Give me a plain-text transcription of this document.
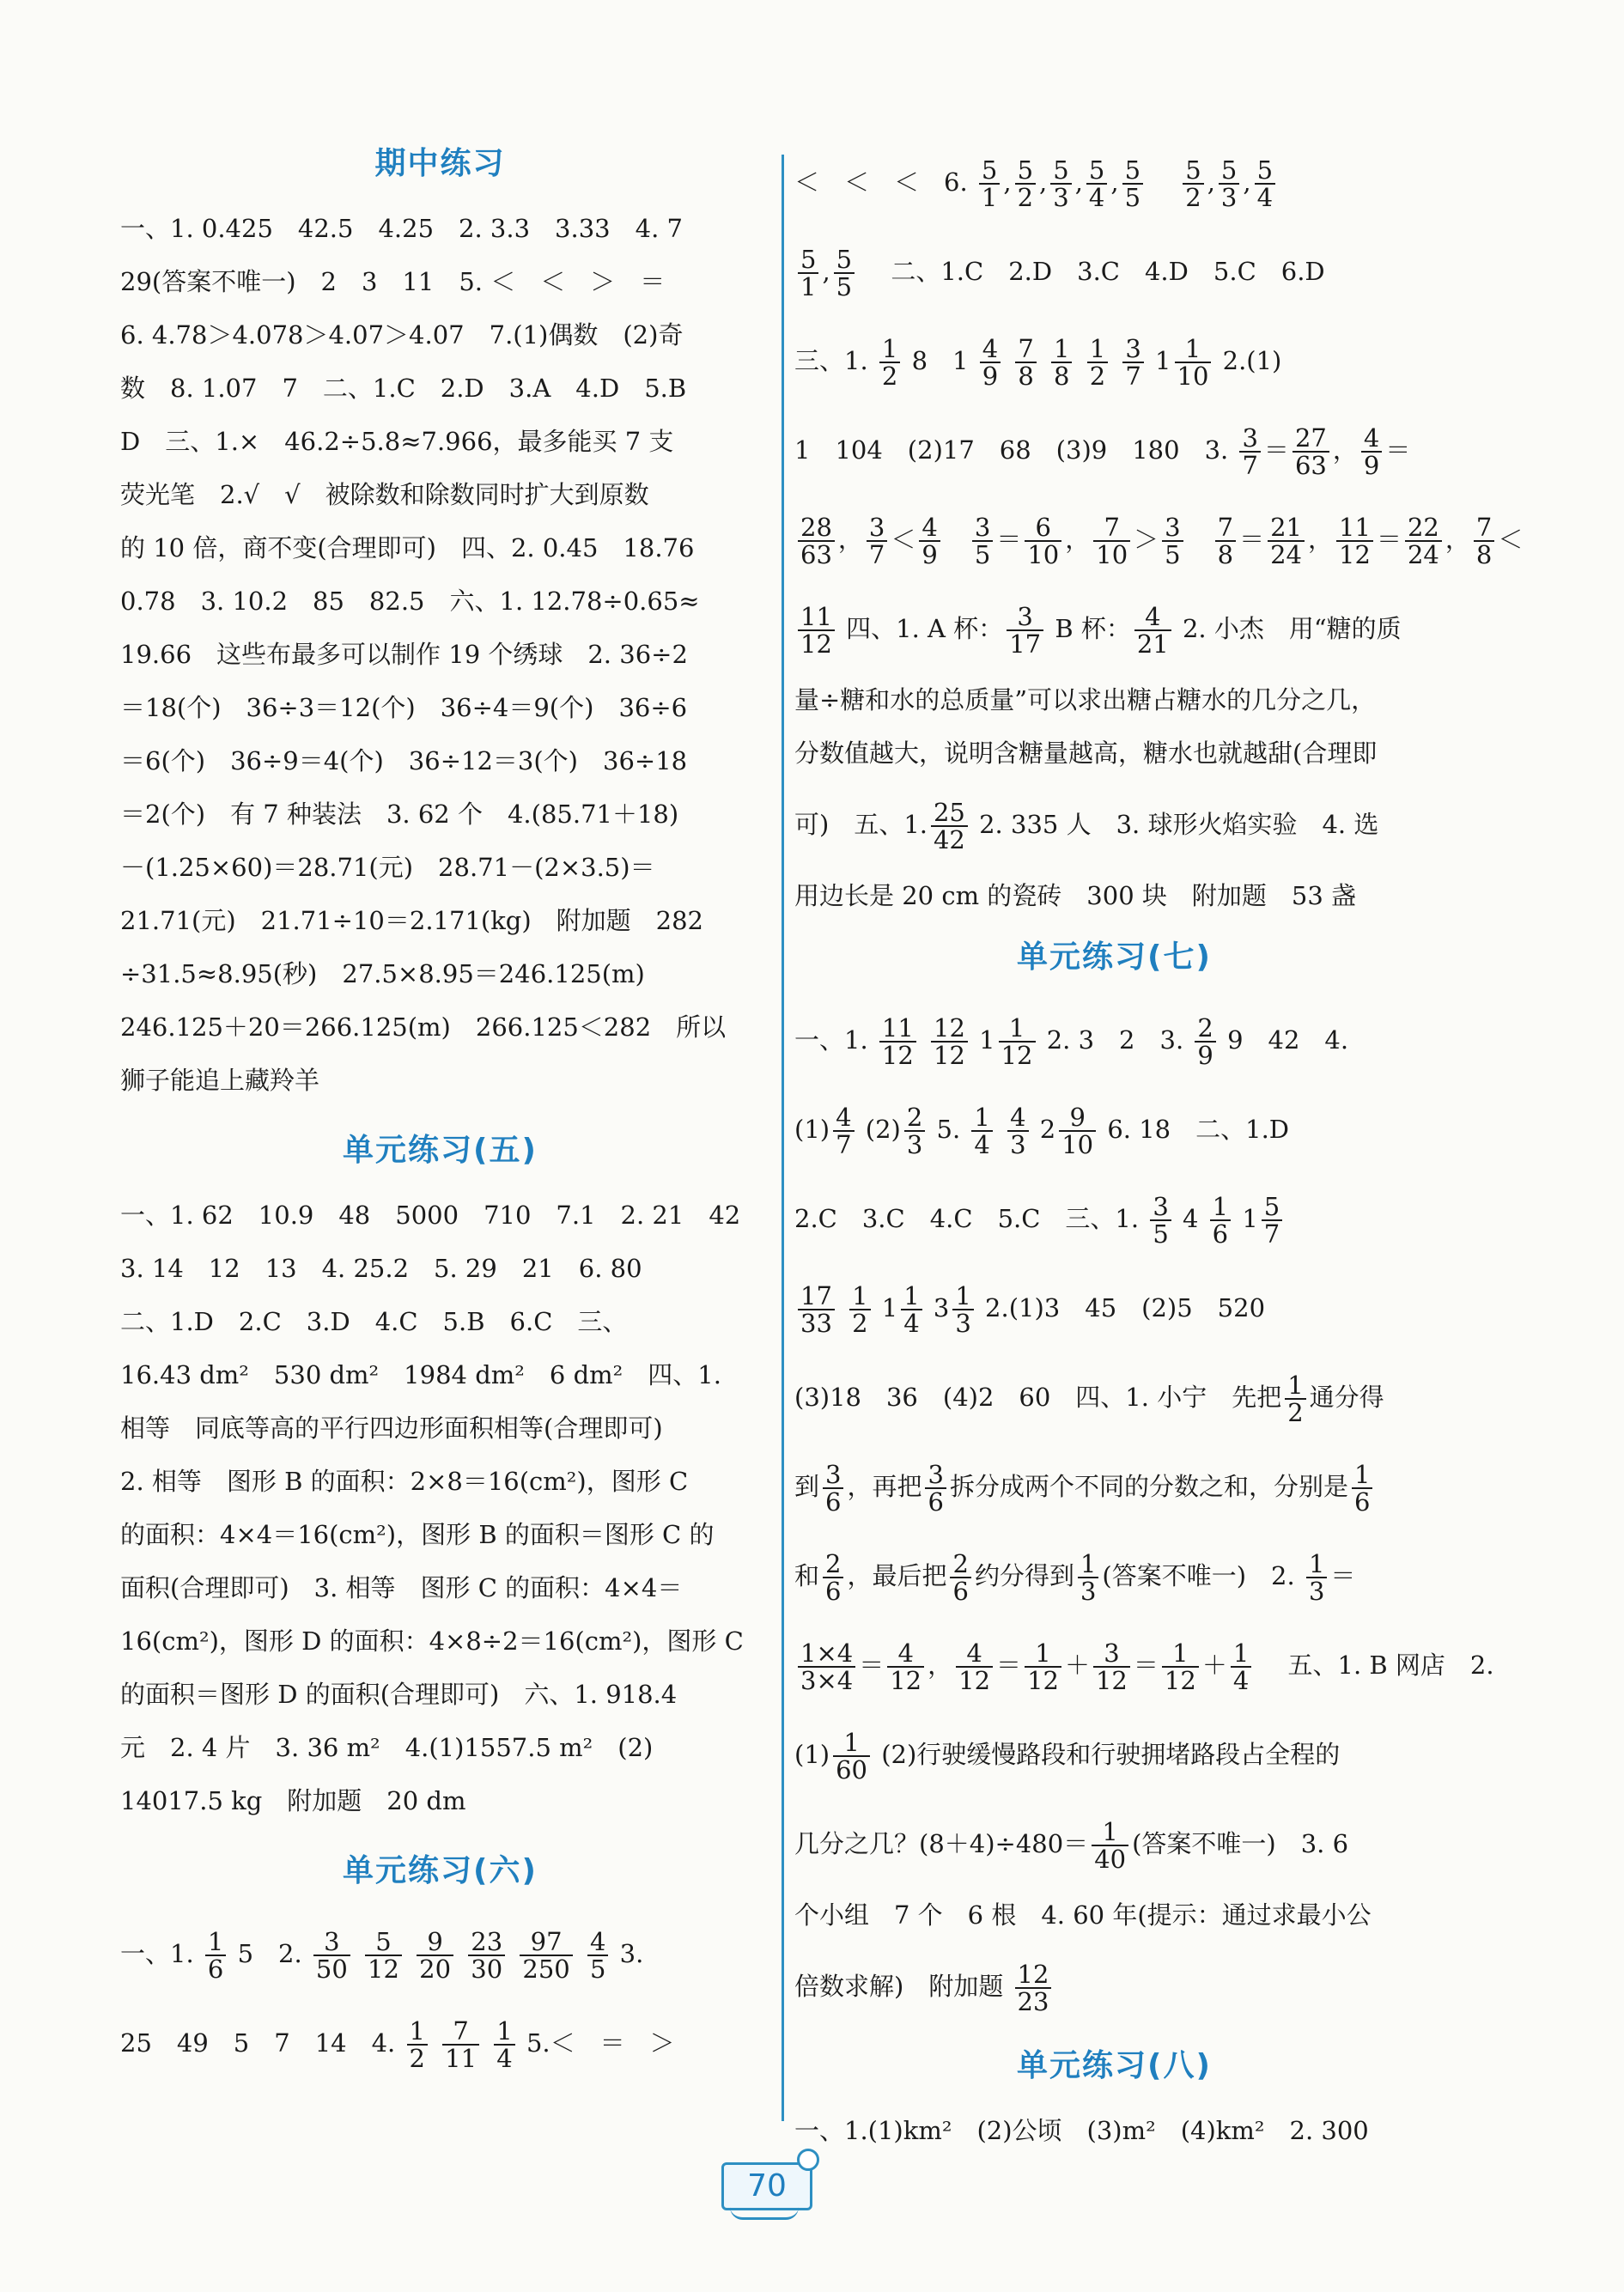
期中练习
一、1. 0.425　42.5　4.25　2. 3.3　3.33　4. 7
29(答案不唯一)　2　3　11　5. ＜　＜　＞　＝
6. 4.78＞4.078＞4.07＞4.07　7.(1)偶数　(2)奇
数　8. 1.07　7　二、1.C　2.D　3.A　4.D　5.B
D　三、1.×　46.2÷5.8≈7.966，最多能买 7 支
荧光笔　2.√　√　被除数和除数同时扩大到原数
的 10 倍，商不变(合理即可)　四、2. 0.45　18.76
0.78　3. 10.2　85　82.5　六、1. 12.78÷0.65≈
19.66　这些布最多可以制作 19 个绣球　2. 36÷2
＝18(个)　36÷3＝12(个)　36÷4＝9(个)　36÷6
＝6(个)　36÷9＝4(个)　36÷12＝3(个)　36÷18
＝2(个)　有 7 种装法　3. 62 个　4.(85.71＋18)
－(1.25×60)＝28.71(元)　28.71－(2×3.5)＝
21.71(元)　21.71÷10＝2.171(kg)　附加题　282
÷31.5≈8.95(秒)　27.5×8.95＝246.125(m)
246.125＋20＝266.125(m)　266.125＜282　所以
狮子能追上藏羚羊
单元练习(五)
一、1. 62　10.9　48　5000　710　7.1　2. 21　42
3. 14　12　13　4. 25.2　5. 29　21　6. 80
二、1.D　2.C　3.D　4.C　5.B　6.C　三、
16.43 dm²　530 dm²　1984 dm²　6 dm²　四、1.
相等　同底等高的平行四边形面积相等(合理即可)
2. 相等　图形 B 的面积：2×8＝16(cm²)，图形 C
的面积：4×4＝16(cm²)，图形 B 的面积＝图形 C 的
面积(合理即可)　3. 相等　图形 C 的面积：4×4＝
16(cm²)，图形 D 的面积：4×8÷2＝16(cm²)，图形 C
的面积＝图形 D 的面积(合理即可)　六、1. 918.4
元　2. 4 片　3. 36 m²　4.(1)1557.5 m²　(2)
14017.5 kg　附加题　20 dm
单元练习(六)
一、1. $\frac{1}{6} 5$　2. $\frac{3}{50}$
$\frac{5}{12}$
$\frac{9}{20}$
$\frac{23}{30}$
$\frac{97}{250}$
$\frac{4}{5} 3$.
25　49　5　7　14　4. $\frac{1}{2}$
$\frac{7}{11}$
$\frac{1}{4} 5.<$　＝　＞
＜　＜　＜　6. $\frac{5}{1}$ , $\frac{5}{2}$ , $\frac{5}{3}$ , $\frac{5}{4}$ , $\frac{5}{5}$
　 $\frac{5}{2}$ , $\frac{5}{3}$ , $\frac{5}{4}$
$\frac{5}{1}$ , $\frac{5}{5}$
　 二、1.C　2.D　3.C　4.D　5.C　6.D
三、1. $\frac{1}{2} 8$　$1 \frac{4}{9}$
$\frac{7}{8}$
$\frac{1}{8}$
$\frac{1}{2}$
$\frac{3}{7} 1 \frac{1}{10} 2.(1)$
1　104　(2)17　68　(3)9　180　3. $\frac{3}{7} = \frac{27}{63}$ ， $\frac{4}{9}$ ＝
$\frac{28}{63}$ ， $\frac{3}{7} < \frac{4}{9}$
　 $\frac{3}{5} = \frac{6}{10}$ ， $\frac{7}{10} > \frac{3}{5}$
　 $\frac{7}{8} = \frac{21}{24}$ ， $\frac{11}{12} = \frac{22}{24}$ ， $\frac{7}{8}$ ＜
$\frac{11}{12}$ 四、1. A 杯： $\frac{3}{17}$ B 杯： $\frac{4}{21} 2$. 小杰　用“糖的质
量÷糖和水的总质量”可以求出糖占糖水的几分之几，
分数值越大，说明含糖量越高，糖水也就越甜(合理即
可)　五、1. $\frac{25}{42} 2$. 335 人　3. 球形火焰实验　4. 选
用边长是 20 cm 的瓷砖　300 块　附加题　53 盏
单元练习(七)
一、1. $\frac{11}{12}$
$\frac{12}{12} 1 \frac{1}{12} 2$. 3　2　3. $\frac{2}{9} 9$　42　4.
$(1) \frac{4}{7} (2) \frac{2}{3} 5$. $\frac{1}{4}$
$\frac{4}{3} 2 \frac{9}{10} 6$. 18　二、1.D
2.C　3.C　4.C　5.C　三、1. $\frac{3}{5} 4 \frac{1}{6} 1 \frac{5}{7}$
$\frac{17}{33}$
$\frac{1}{2} 1 \frac{1}{4} 3 \frac{1}{3} 2.(1)3$　45　(2)5　520
(3)18　36　(4)2　60　四、1. 小宁　先把 $\frac{1}{2}$ 通分得
到 $\frac{3}{6}$ ，再把 $\frac{3}{6}$ 拆分成两个不同的分数之和，分别是 $\frac{1}{6}$
和 $\frac{2}{6}$ ，最后把 $\frac{2}{6}$ 约分得到 $\frac{1}{3}$ (答案不唯一)　2. $\frac{1}{3}$ ＝
$\frac{1\times 4}{3\times 4} = \frac{4}{12}$ ， $\frac{4}{12} = \frac{1}{12} + \frac{3}{12} = \frac{1}{12} + \frac{1}{4}$
　 五、1. B 网店　2.
$(1) \frac{1}{60} (2)$行驶缓慢路段和行驶拥堵路段占全程的
几分之几？$(8+4)\div 480= \frac{1}{40}$ (答案不唯一)　3. 6
个小组　7 个　6 根　4. 60 年(提示：通过求最小公
倍数求解)　附加题 $\frac{12}{23}$
单元练习(八)
一、1.(1)km²　(2)公顷　(3)m²　(4)km²　2. 300
70
